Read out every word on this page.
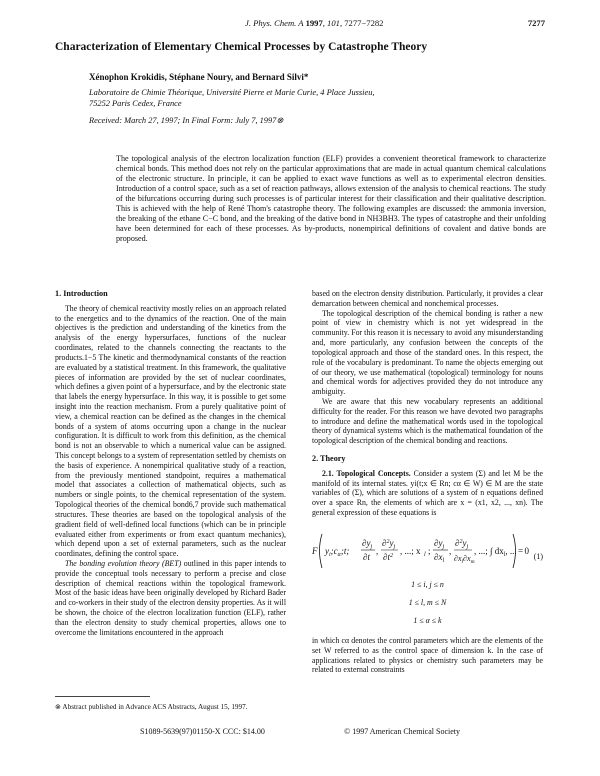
J. Phys. Chem. A 1997, 101, 7277−7282	7277
Characterization of Elementary Chemical Processes by Catastrophe Theory
Xénophon Krokidis, Stéphane Noury, and Bernard Silvi*
Laboratoire de Chimie Théorique, Université Pierre et Marie Curie, 4 Place Jussieu,
75252 Paris Cedex, France
Received: March 27, 1997; In Final Form: July 7, 1997⊗
The topological analysis of the electron localization function (ELF) provides a convenient theoretical framework to characterize chemical bonds. This method does not rely on the particular approximations that are made in actual quantum chemical calculations of the electronic structure. In principle, it can be applied to exact wave functions as well as to experimental electron densities. Introduction of a control space, such as a set of reaction pathways, allows extension of the analysis to chemical reactions. The study of the bifurcations occurring during such processes is of particular interest for their classification and their qualitative description. This is achieved with the help of René Thom's catastrophe theory. The following examples are discussed: the ammonia inversion, the breaking of the ethane C−C bond, and the breaking of the dative bond in NH3BH3. The types of catastrophe and their unfolding have been determined for each of these processes. As by-products, nonempirical definitions of covalent and dative bonds are proposed.
1. Introduction

The theory of chemical reactivity mostly relies on an approach related to the energetics and to the dynamics of the reaction. One of the main objectives is the prediction and understanding of the kinetics from the analysis of the energy hypersurfaces, functions of the nuclear coordinates, related to the channels connecting the reactants to the products.1−5 The kinetic and thermodynamical constants of the reaction are evaluated by a statistical treatment. In this framework, the qualitative pieces of information are provided by the set of nuclear coordinates, which defines a given point of a hypersurface, and by the electronic state that labels the energy hypersurface. In this way, it is possible to get some insight into the reaction mechanism. From a purely qualitative point of view, a chemical reaction can be defined as the changes in the chemical bonds of a system of atoms occurring upon a change in the nuclear configuration. It is difficult to work from this definition, as the chemical bond is not an observable to which a numerical value can be assigned. This concept belongs to a system of representation settled by chemists on the basis of experience. A nonempirical qualitative study of a reaction, from the previously mentioned standpoint, requires a mathematical model that associates a collection of mathematical objects, such as numbers or single points, to the chemical representation of the system. Topological theories of the chemical bond6,7 provide such mathematical structures. These theories are based on the topological analysis of the gradient field of well-defined local functions (which can be in principle evaluated either from experiments or from exact quantum mechanics), which depend upon a set of external parameters, such as the nuclear coordinates, defining the control space.

The bonding evolution theory (BET) outlined in this paper intends to provide the conceptual tools necessary to perform a precise and close description of chemical reactions within the topological framework. Most of the basic ideas have been originally developed by Richard Bader and co-workers in their study of the electron density properties. As it will be shown, the choice of the electron localization function (ELF), rather than the electron density to study chemical properties, allows one to overcome the limitations encountered in the approach

based on the electron density distribution. Particularly, it provides a clear demarcation between chemical and nonchemical processes.

The topological description of the chemical bonding is rather a new point of view in chemistry which is not yet widespread in the community. For this reason it is necessary to avoid any misunderstanding and, more particularly, any confusion between the concepts of the topological approach and those of the standard ones. In this respect, the role of the vocabulary is predominant. To name the objects emerging out of our theory, we use mathematical (topological) terminology for nouns and chemical words for adjectives provided they do not introduce any ambiguity.

We are aware that this new vocabulary represents an additional difficulty for the reader. For this reason we have devoted two paragraphs to introduce and define the mathematical words used in the topological theory of dynamical systems which is the mathematical foundation of the topological description of the chemical bonding and reactions.

2. Theory

2.1. Topological Concepts. Consider a system (Σ) and let M be the manifold of its internal states. yi(t;x ∈ Rn; cα ∈ W) ∈ M are the state variables of (Σ), which are solutions of a system of n equations defined over a space Rn, the elements of which are x = (x1, x2, ..., xn). The general expression of these equations is

F $y_i;c_\alpha;t$;
$\partial y_j$
∂t
,
$\partial^2y_j$
$\partial t^2$ , ...; x l ;
$\partial y_j$
$\partial x_l$
,
$\partial^2y_j$
$\partial x_l\partial x_m$
, ...; ∫ $dx_l$, ... = 0
(1)
1 ≤ i, j ≤ n
1 ≤ l, m ≤ N
1 ≤ α ≤ k

in which cα denotes the control parameters which are the elements of the set W referred to as the control space of dimension k. In the case of applications related to physics or chemistry such parameters may be related to external constraints

⊗ Abstract published in Advance ACS Abstracts, August 15, 1997.
S1089-5639(97)01150-X CCC: $14.00	© 1997 American Chemical Society
